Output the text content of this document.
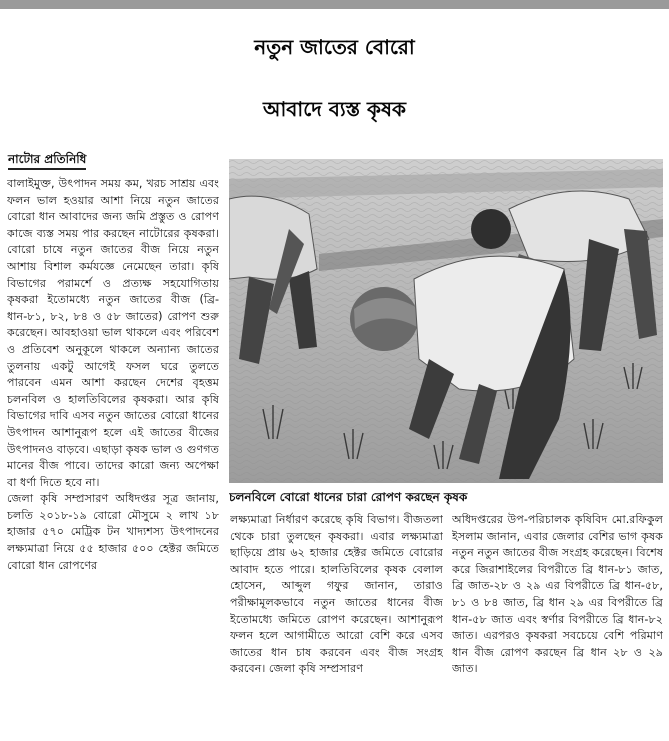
নতুন জাতের বোরো
আবাদে ব্যস্ত কৃষক
নাটোর প্রতিনিধি

বালাইমুক্ত, উৎপাদন সময় কম, খরচ সাশ্রয় এবং ফলন ভাল হওয়ার আশা নিয়ে নতুন জাতের বোরো ধান আবাদের জন্য জমি প্রস্তুত ও রোপণ কাজে ব্যস্ত সময় পার করছেন নাটোরের কৃষকরা। বোরো চাষে নতুন জাতের বীজ নিয়ে নতুন আশায় বিশাল কর্মযজ্ঞে নেমেছেন তারা। কৃষি বিভাগের পরামর্শে ও প্রত্যক্ষ সহযোগিতায় কৃষকরা ইতোমধ্যে নতুন জাতের বীজ (ব্রি- ধান-৮১, ৮২, ৮৪ ও ৫৮ জাতের) রোপণ শুরু করেছেন। আবহাওয়া ভাল থাকলে এবং পরিবেশ ও প্রতিবেশ অনুকূলে থাকলে অন্যান্য জাতের তুলনায় একটু আগেই ফসল ঘরে তুলতে পারবেন এমন আশা করছেন দেশের বৃহত্তম চলনবিল ও হালতিবিলের কৃষকরা। আর কৃষি বিভাগের দাবি এসব নতুন জাতের বোরো ধানের উৎপাদন আশানুরূপ হলে এই জাতের বীজের উৎপাদনও বাড়বে। এছাড়া কৃষক ভাল ও গুণগত মানের বীজ পাবে। তাদের কারো জন্য অপেক্ষা বা ধর্ণা দিতে হবে না।

জেলা কৃষি সম্প্রসারণ অধিদপ্তর সূত্র জানায়, চলতি ২০১৮-১৯ বোরো মৌসুমে ২ লাখ ১৮ হাজার ৫৭০ মেট্রিক টন খাদ্যশস্য উৎপাদনের লক্ষ্যমাত্রা নিয়ে ৫৫ হাজার ৫০০ হেক্টর জমিতে বোরো ধান রোপণের

চলনবিলে বোরো ধানের চারা রোপণ করছেন কৃষক

লক্ষ্যমাত্রা নির্ধারণ করেছে কৃষি বিভাগ। বীজতলা থেকে চারা তুলছেন কৃষকরা। এবার লক্ষ্যমাত্রা ছাড়িয়ে প্রায় ৬২ হাজার হেক্টর জমিতে বোরোর আবাদ হতে পারে। হালতিবিলের কৃষক বেলাল হোসেন, আব্দুল গফুর জানান, তারাও পরীক্ষামূলকভাবে নতুন জাতের ধানের বীজ ইতোমধ্যে জমিতে রোপণ করেছেন। আশানুরূপ ফলন হলে আগামীতে আরো বেশি করে এসব জাতের ধান চাষ করবেন এবং বীজ সংগ্রহ করবেন। জেলা কৃষি সম্প্রসারণ

অধিদপ্তরের উপ-পরিচালক কৃষিবিদ মো.রফিকুল ইসলাম জানান, এবার জেলার বেশির ভাগ কৃষক নতুন নতুন জাতের বীজ সংগ্রহ করেছেন। বিশেষ করে জিরাশাইলের বিপরীতে ব্রি ধান-৮১ জাত, ব্রি জাত-২৮ ও ২৯ এর বিপরীতে ব্রি ধান-৫৮, ৮১ ও ৮৪ জাত, ব্রি ধান ২৯ এর বিপরীতে ব্রি ধান-৫৮ জাত এবং স্বর্ণার বিপরীতে ব্রি ধান-৮২ জাত। এরপরও কৃষকরা সবচেয়ে বেশি পরিমাণ ধান বীজ রোপণ করছেন ব্রি ধান ২৮ ও ২৯ জাত।
